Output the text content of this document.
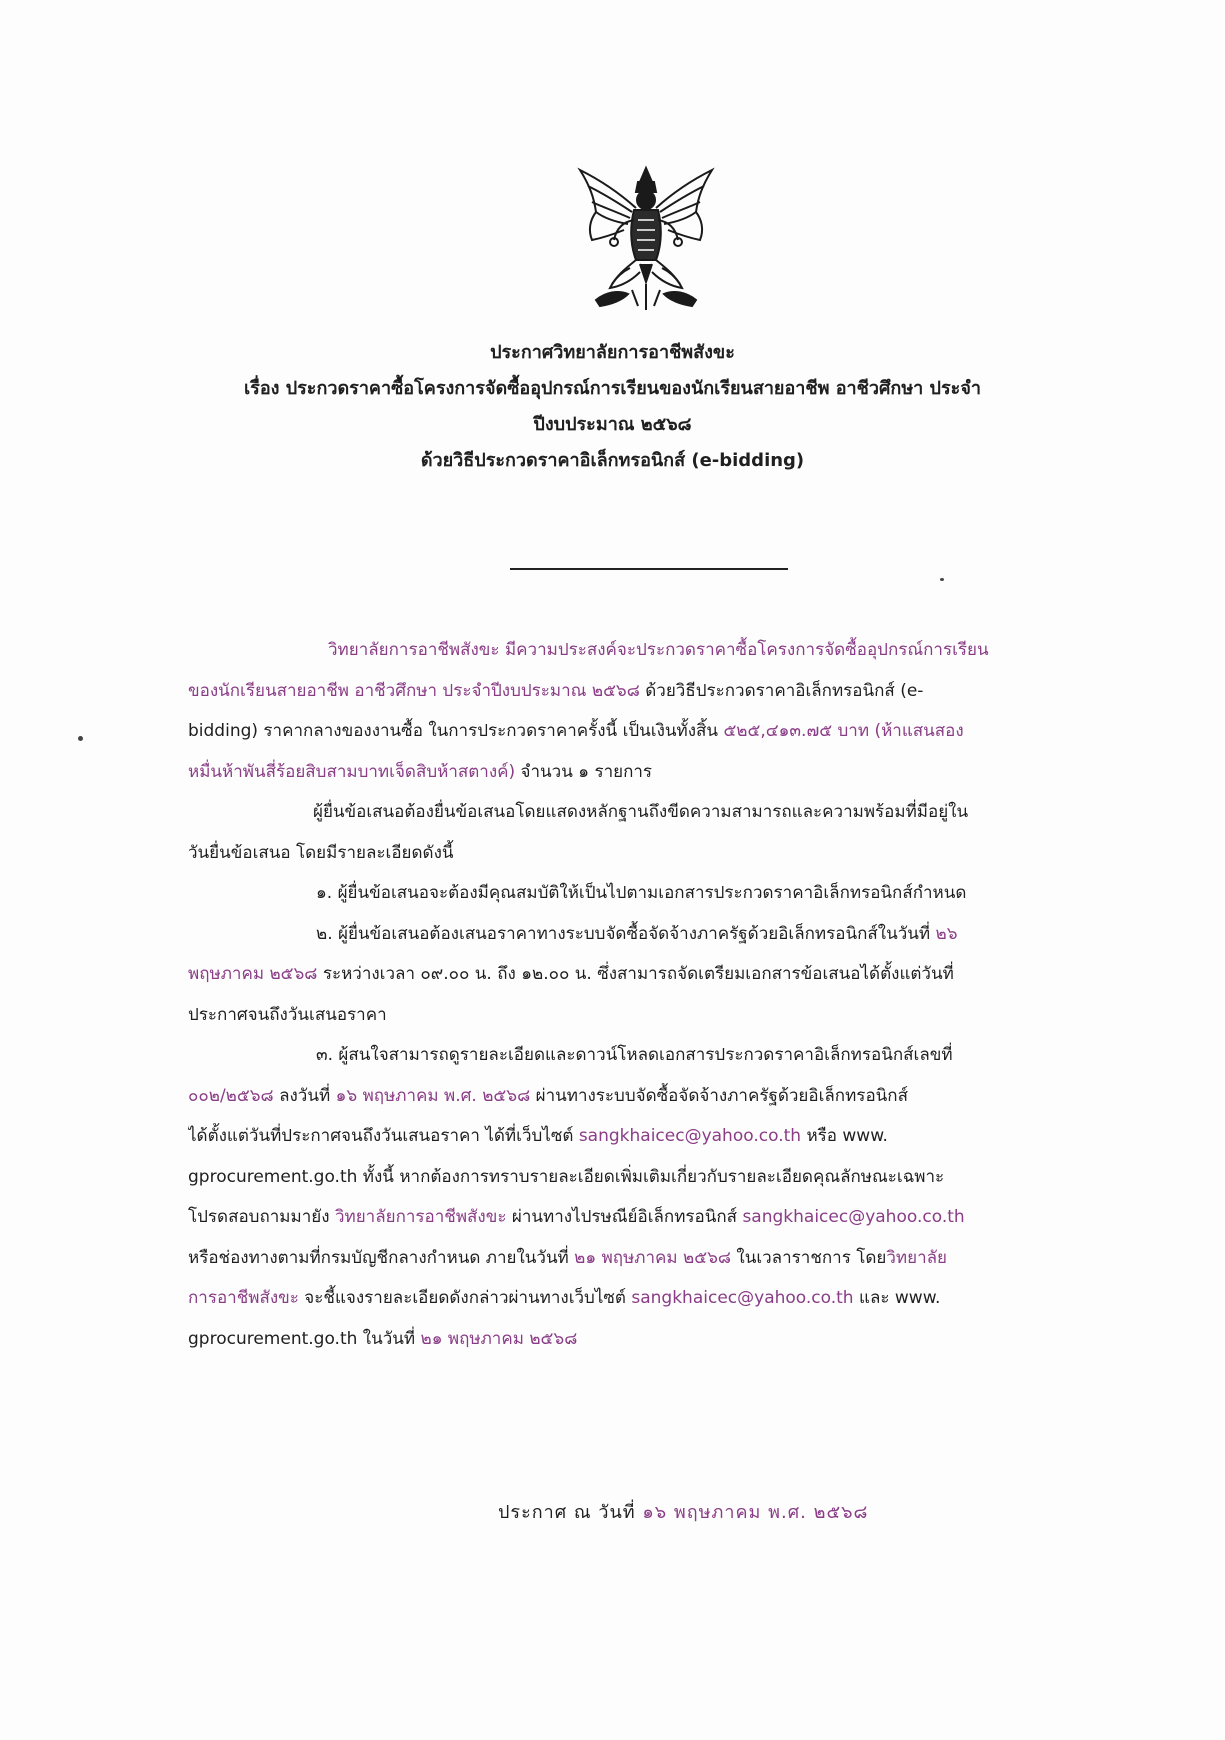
ประกาศวิทยาลัยการอาชีพสังขะ
เรื่อง ประกวดราคาซื้อโครงการจัดซื้ออุปกรณ์การเรียนของนักเรียนสายอาชีพ อาชีวศึกษา ประจำ
ปีงบประมาณ ๒๕๖๘
ด้วยวิธีประกวดราคาอิเล็กทรอนิกส์ (e-bidding)
วิทยาลัยการอาชีพสังขะ มีความประสงค์จะประกวดราคาซื้อโครงการจัดซื้ออุปกรณ์การเรียน
ของนักเรียนสายอาชีพ อาชีวศึกษา ประจำปีงบประมาณ ๒๕๖๘ ด้วยวิธีประกวดราคาอิเล็กทรอนิกส์ (e-
bidding) ราคากลางของงานซื้อ ในการประกวดราคาครั้งนี้ เป็นเงินทั้งสิ้น ๕๒๕,๔๑๓.๗๕ บาท (ห้าแสนสอง
หมื่นห้าพันสี่ร้อยสิบสามบาทเจ็ดสิบห้าสตางค์) จำนวน ๑ รายการ
ผู้ยื่นข้อเสนอต้องยื่นข้อเสนอโดยแสดงหลักฐานถึงขีดความสามารถและความพร้อมที่มีอยู่ใน
วันยื่นข้อเสนอ โดยมีรายละเอียดดังนี้
๑. ผู้ยื่นข้อเสนอจะต้องมีคุณสมบัติให้เป็นไปตามเอกสารประกวดราคาอิเล็กทรอนิกส์กำหนด
๒. ผู้ยื่นข้อเสนอต้องเสนอราคาทางระบบจัดซื้อจัดจ้างภาครัฐด้วยอิเล็กทรอนิกส์ในวันที่ ๒๖
พฤษภาคม ๒๕๖๘ ระหว่างเวลา ๐๙.๐๐ น. ถึง ๑๒.๐๐ น. ซึ่งสามารถจัดเตรียมเอกสารข้อเสนอได้ตั้งแต่วันที่
ประกาศจนถึงวันเสนอราคา
๓. ผู้สนใจสามารถดูรายละเอียดและดาวน์โหลดเอกสารประกวดราคาอิเล็กทรอนิกส์เลขที่
๐๐๒/๒๕๖๘ ลงวันที่ ๑๖ พฤษภาคม พ.ศ. ๒๕๖๘ ผ่านทางระบบจัดซื้อจัดจ้างภาครัฐด้วยอิเล็กทรอนิกส์
ได้ตั้งแต่วันที่ประกาศจนถึงวันเสนอราคา ได้ที่เว็บไซต์ sangkhaicec@yahoo.co.th หรือ www.
gprocurement.go.th ทั้งนี้ หากต้องการทราบรายละเอียดเพิ่มเติมเกี่ยวกับรายละเอียดคุณลักษณะเฉพาะ
โปรดสอบถามมายัง วิทยาลัยการอาชีพสังขะ ผ่านทางไปรษณีย์อิเล็กทรอนิกส์ sangkhaicec@yahoo.co.th
หรือช่องทางตามที่กรมบัญชีกลางกำหนด ภายในวันที่ ๒๑ พฤษภาคม ๒๕๖๘ ในเวลาราชการ โดยวิทยาลัย
การอาชีพสังขะ จะชี้แจงรายละเอียดดังกล่าวผ่านทางเว็บไซต์ sangkhaicec@yahoo.co.th และ www.
gprocurement.go.th ในวันที่ ๒๑ พฤษภาคม ๒๕๖๘
ประกาศ ณ วันที่ ๑๖ พฤษภาคม พ.ศ. ๒๕๖๘
